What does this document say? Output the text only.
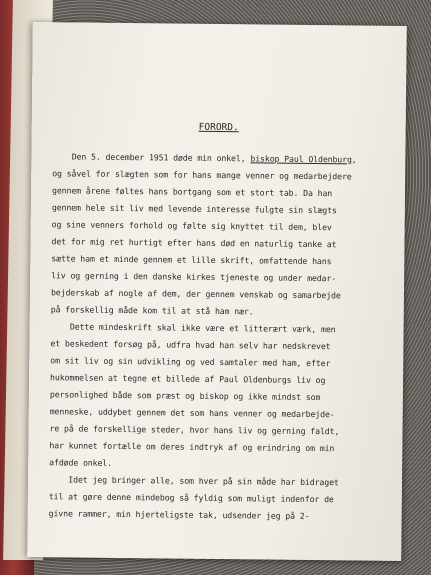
FORORD.
Den 5. december 1951 døde min onkel, biskop Paul Oldenburg,
og såvel for slægten som for hans mange venner og medarbejdere
gennem årene føltes hans bortgang som et stort tab. Da han
gennem hele sit liv med levende interesse fulgte sin slægts
og sine venners forhold og følte sig knyttet til dem, blev
det for mig ret hurtigt efter hans død en naturlig tanke at
sætte ham et minde gennem et lille skrift, omfattende hans
liv og gerning i den danske kirkes tjeneste og under medar-
bejderskab af nogle af dem, der gennem venskab og samarbejde
på forskellig måde kom til at stå ham nær.
Dette mindeskrift skal ikke være et litterært værk, men
et beskedent forsøg på, udfra hvad han selv har nedskrevet
om sit liv og sin udvikling og ved samtaler med ham, efter
hukommelsen at tegne et billede af Paul Oldenburgs liv og
personlighed både som præst og biskop og ikke mindst som
menneske, uddybet gennem det som hans venner og medarbejde-
re på de forskellige steder, hvor hans liv og gerning faldt,
har kunnet fortælle om deres indtryk af og erindring om min
afdøde onkel.
Idet jeg bringer alle, som hver på sin måde har bidraget
til at gøre denne mindebog så fyldig som muligt indenfor de
givne rammer, min hjerteligste tak, udsender jeg på 2-
